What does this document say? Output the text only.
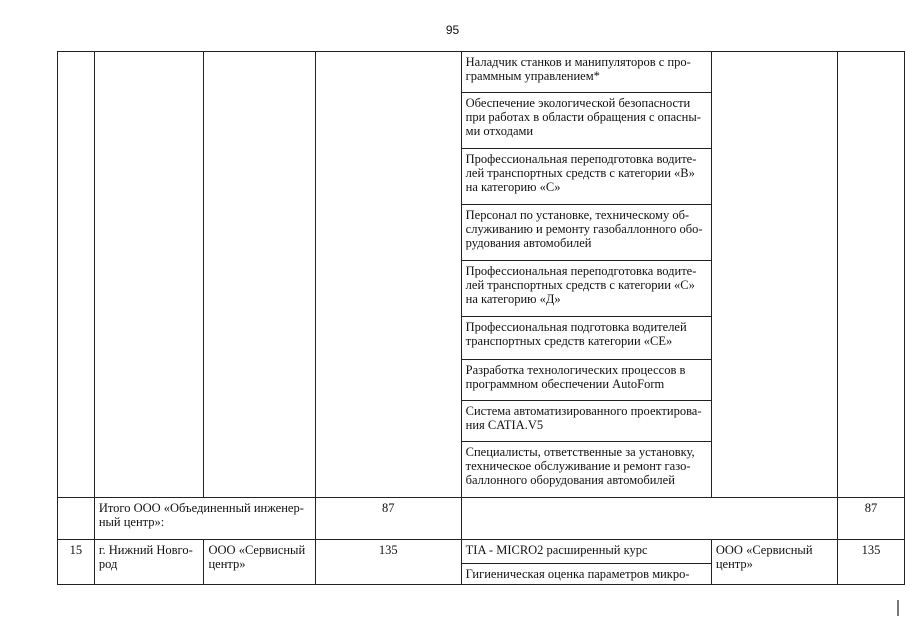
95
				Наладчик станков и манипуляторов с про-граммным управлением*		
				Обеспечение экологической безопасности при работах в области обращения с опасны-ми отходами		
				Профессиональная переподготовка водите-лей транспортных средств с категории «В» на категорию «С»		
				Персонал по установке, техническому об-служиванию и ремонту газобаллонного обо-рудования автомобилей		
				Профессиональная переподготовка водите-лей транспортных средств с категории «С» на категорию «Д»		
				Профессиональная подготовка водителей транспортных средств категории «СЕ»		
				Разработка технологических процессов в программном обеспечении AutoForm		
				Система автоматизированного проектирова-ния CATIA.V5		
				Специалисты, ответственные за установку, техническое обслуживание и ремонт газо-баллонного оборудования автомобилей		
	Итого ООО «Объединенный инженер-ный центр»:		87			87
15	г. Нижний Новго-род	ООО «Сервисный центр»	135	TIA - MICRO2 расширенный курс	ООО «Сервисный центр»	135
				Гигиеническая оценка параметров микро-		
